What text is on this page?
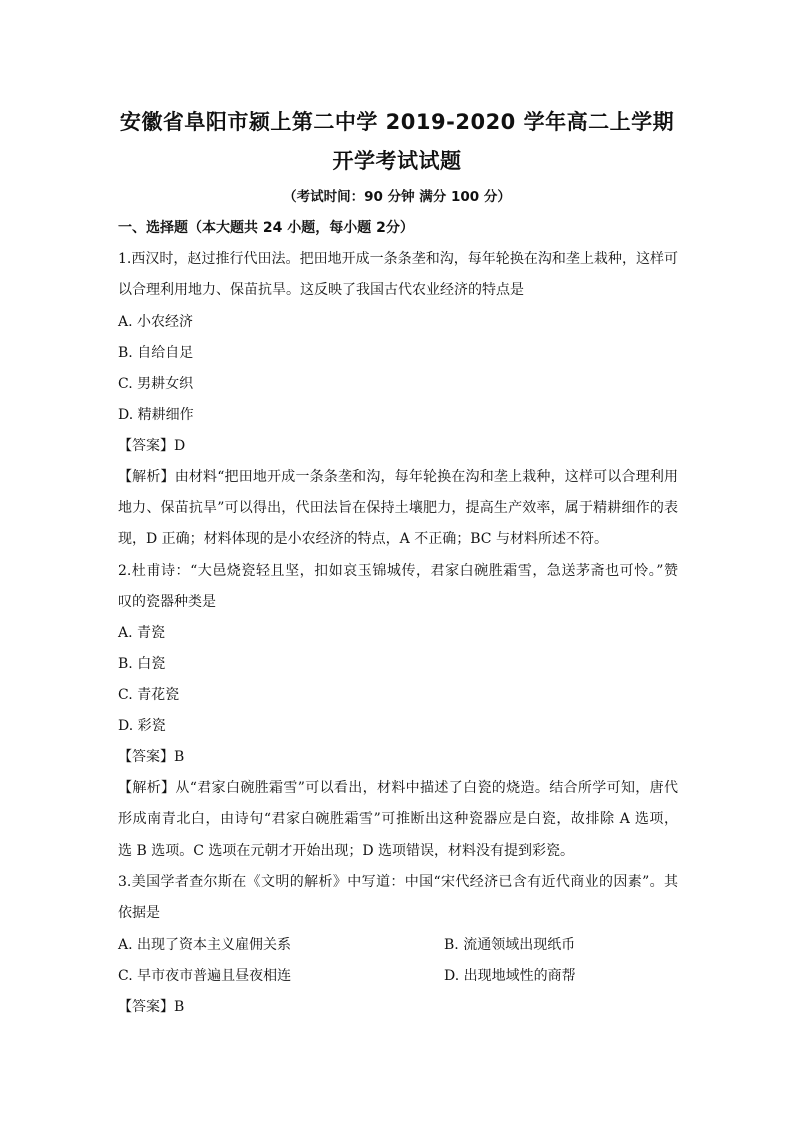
安徽省阜阳市颍上第二中学 2019-2020 学年高二上学期
开学考试试题
（考试时间：90 分钟 满分 100 分）
一、选择题（本大题共 24 小题，每小题 2分）
1.西汉时，赵过推行代田法。把田地开成一条条垄和沟，每年轮换在沟和垄上栽种，这样可
以合理利用地力、保苗抗旱。这反映了我国古代农业经济的特点是
A. 小农经济
B. 自给自足
C. 男耕女织
D. 精耕细作
【答案】D
【解析】由材料“把田地开成一条条垄和沟，每年轮换在沟和垄上栽种，这样可以合理利用
地力、保苗抗旱”可以得出，代田法旨在保持土壤肥力，提高生产效率，属于精耕细作的表
现，D 正确；材料体现的是小农经济的特点，A 不正确；BC 与材料所述不符。
2.杜甫诗：“大邑烧瓷轻且坚，扣如哀玉锦城传，君家白碗胜霜雪，急送茅斋也可怜。”赞
叹的瓷器种类是
A. 青瓷
B. 白瓷
C. 青花瓷
D. 彩瓷
【答案】B
【解析】从“君家白碗胜霜雪”可以看出，材料中描述了白瓷的烧造。结合所学可知，唐代
形成南青北白，由诗句“君家白碗胜霜雪”可推断出这种瓷器应是白瓷，故排除 A 选项，
选 B 选项。C 选项在元朝才开始出现；D 选项错误，材料没有提到彩瓷。
3.美国学者查尔斯在《文明的解析》中写道：中国“宋代经济已含有近代商业的因素”。其
依据是
A. 出现了资本主义雇佣关系	B. 流通领域出现纸币
C. 早市夜市普遍且昼夜相连	D. 出现地域性的商帮
【答案】B
